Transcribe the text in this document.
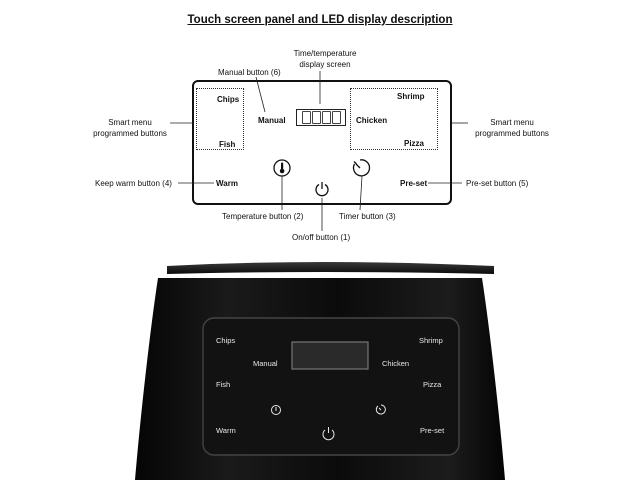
Touch screen panel and LED display description
Time/temperature
display screen
Manual button (6)
Smart menu
programmed buttons
Smart menu
programmed buttons
Keep warm button (4)	Pre-set button (5)
Temperature button (2)	Timer button (3)
On/off button (1)
Chips
Fish
Manual
Shrimp
Chicken
Pizza
Warm	Pre-set
Chips
Manual
Fish
Warm
Shrimp
Chicken
Pizza
Pre-set
